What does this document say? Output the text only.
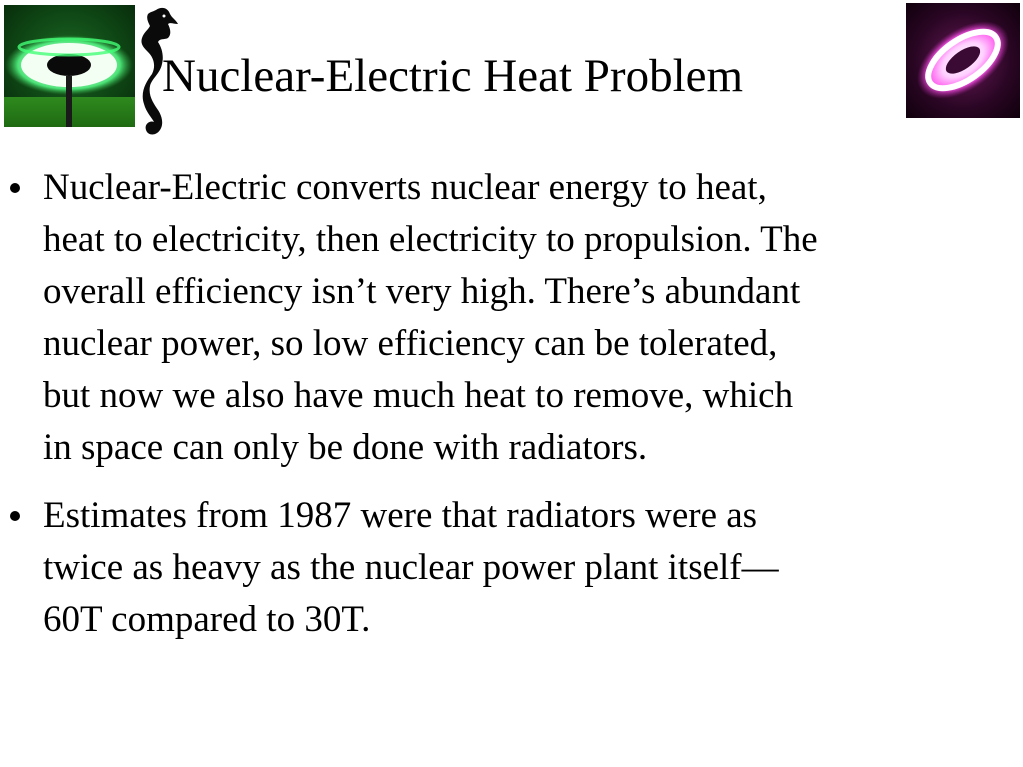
Nuclear-Electric Heat Problem
Nuclear-Electric converts nuclear energy to heat,
heat to electricity, then electricity to propulsion. The
overall efficiency isn’t very high. There’s abundant
nuclear power, so low efficiency can be tolerated,
but now we also have much heat to remove, which
in space can only be done with radiators.
Estimates from 1987 were that radiators were as
twice as heavy as the nuclear power plant itself—
60T compared to 30T.
